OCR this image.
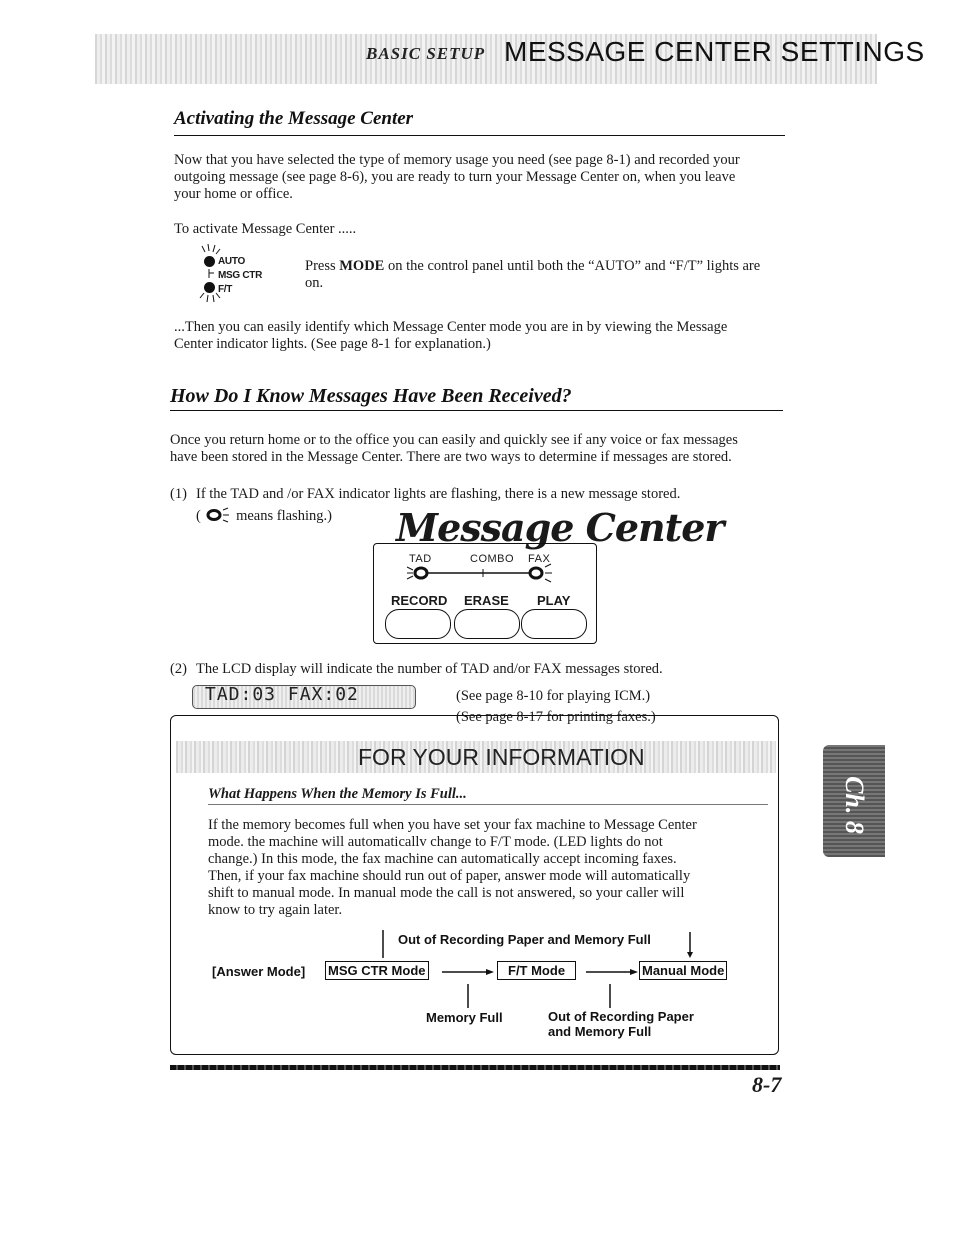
BASIC SETUP MESSAGE CENTER SETTINGS
Activating the Message Center
Now that you have selected the type of memory usage you need (see page 8-1) and recorded your
outgoing message (see page 8-6), you are ready to turn your Message Center on, when you leave
your home or office.
To activate Message Center .....
AUTO
MSG CTR
F/T
Press MODE on the control panel until both the “AUTO” and “F/T” lights are
on.
...Then you can easily identify which Message Center mode you are in by viewing the Message
Center indicator lights. (See page 8-1 for explanation.)
How Do I Know Messages Have Been Received?
Once you return home or to the office you can easily and quickly see if any voice or fax messages
have been stored in the Message Center. There are two ways to determine if messages are stored.
(1) If the TAD and /or FAX indicator lights are flashing, there is a new message stored.
( means flashing.) Message Center
TAD	COMBO FAX
RECORD ERASE PLAY
(2) The LCD display will indicate the number of TAD and/or FAX messages stored.
TAD:03 FAX:02	(See page 8-10 for playing ICM.)
(See page 8-17 for printing faxes.)
FOR YOUR INFORMATION
What Happens When the Memory Is Full...
If the memory becomes full when you have set your fax machine to Message Center
mode. the machine will automaticallv change to F/T mode. (LED lights do not
change.) In this mode, the fax machine can automatically accept incoming faxes.
Then, if your fax machine should run out of paper, answer mode will automatically
shift to manual mode. In manual mode the call is not answered, so your caller will
know to try again later.
Out of Recording Paper and Memory Full
[Answer Mode] MSG CTR Mode	F/T Mode	Manual Mode
Memory Full	Out of Recording Paper
and Memory Full
8-7
Ch. 8
